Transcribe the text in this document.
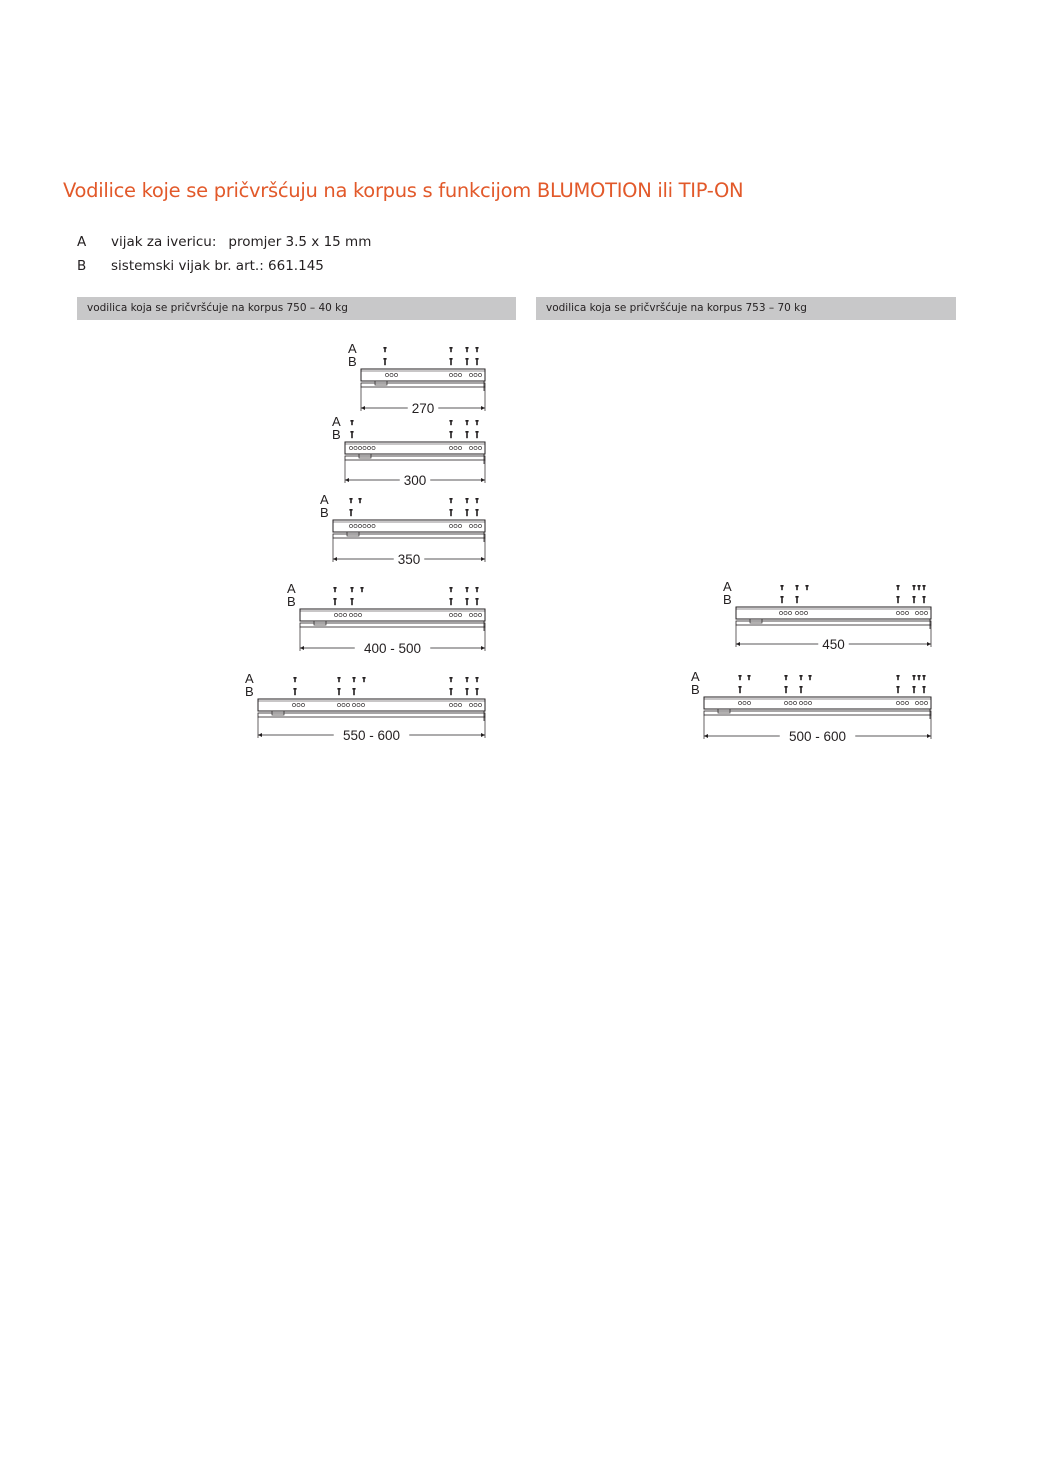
Vodilice koje se pričvršćuju na korpus s funkcijom BLUMOTION ili TIP-ON
A vijak za ivericu: promjer 3.5 x 15 mm
B sistemski vijak br. art.: 661.145
vodilica koja se pričvršćuje na korpus 750 – 40 kg	vodilica koja se pričvršćuje na korpus 753 – 70 kg
A
B
270
A
B
300
A
B
350
A
B
400 - 500
A
B
550 - 600
A
B
450
A
B
500 - 600
